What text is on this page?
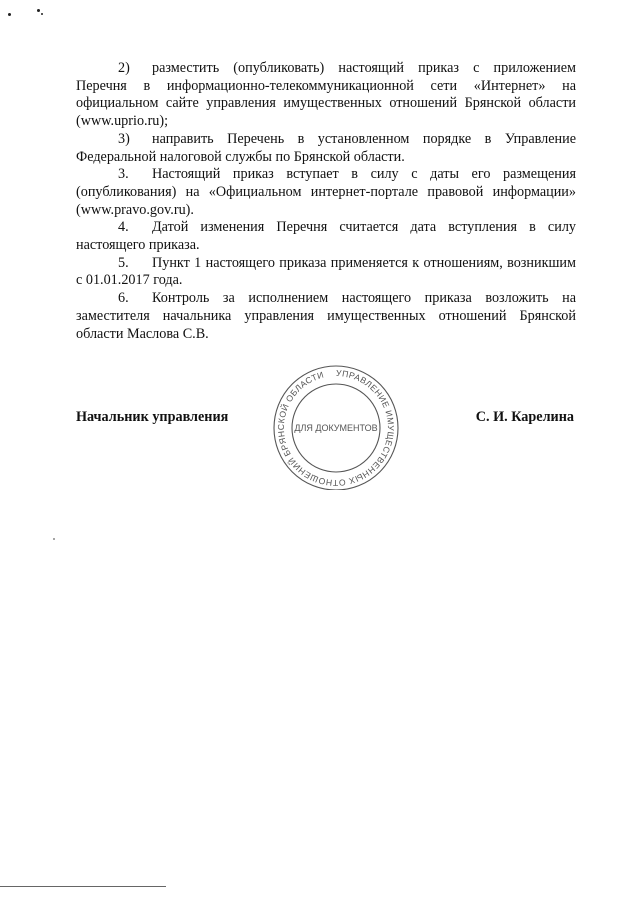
2) разместить (опубликовать) настоящий приказ с приложением Перечня в информационно-телекоммуникационной сети «Интернет» на официальном сайте управления имущественных отношений Брянской области (www.uprio.ru);

3) направить Перечень в установленном порядке в Управление Федеральной налоговой службы по Брянской области.

3. Настоящий приказ вступает в силу с даты его размещения (опубликования) на «Официальном интернет-портале правовой информации» (www.pravo.gov.ru).

4. Датой изменения Перечня считается дата вступления в силу настоящего приказа.

5. Пункт 1 настоящего приказа применяется к отношениям, возникшим с 01.01.2017 года.

6. Контроль за исполнением настоящего приказа возложить на заместителя начальника управления имущественных отношений Брянской области Маслова С.В.

Начальник управления
УПРАВЛЕНИЕ ИМУЩЕСТВЕННЫХ ОТНОШЕНИЙ БРЯНСКОЙ ОБЛАСТИ
ДЛЯ ДОКУМЕНТОВ
С. И. Карелина
